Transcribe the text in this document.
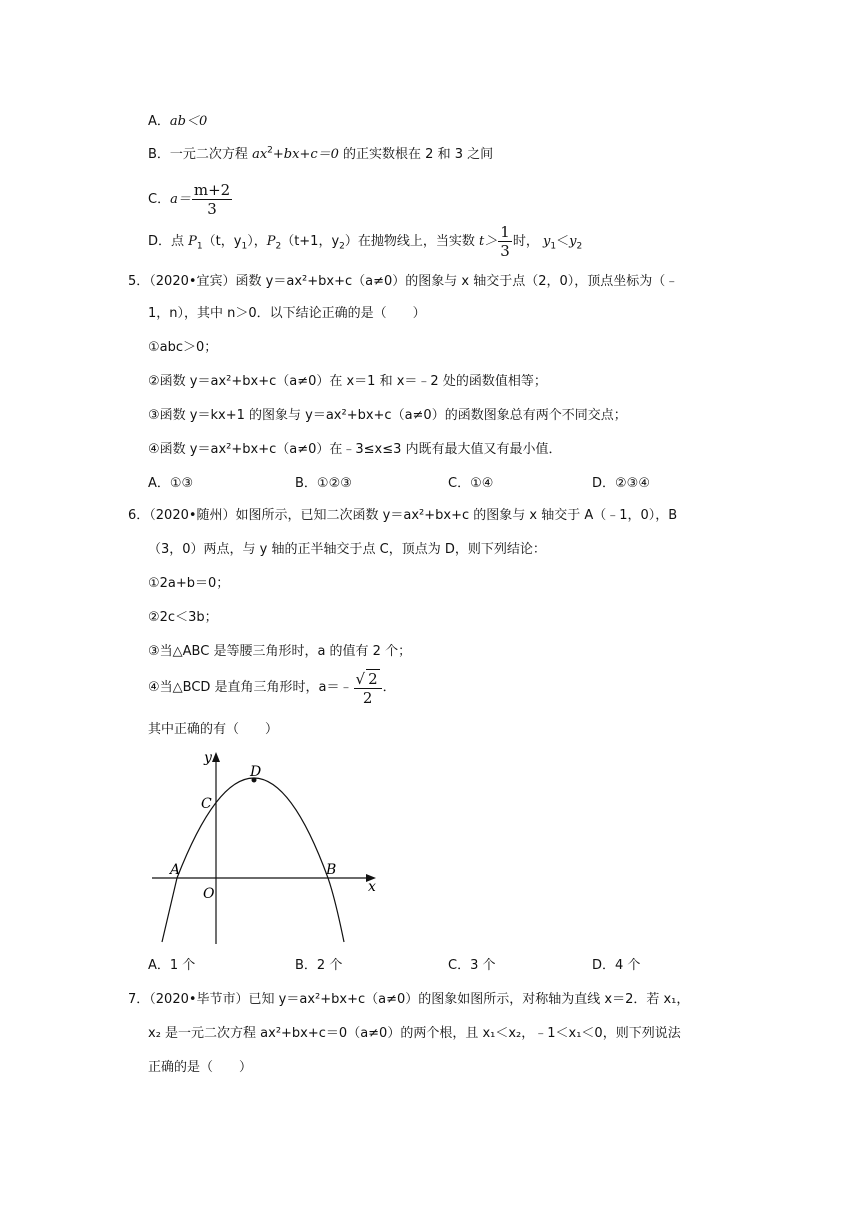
A．ab＜0
B．一元二次方程 $ax^2+bx+c=0$ 的正实数根在 2 和 3 之间
C．$a= \frac{m+2}{3}$
D．点 $P_1(t$，$y_1$），$P_2(t+1$，$y_2$）在抛物线上，当实数 $t> \frac{1}{3}$ 时， $y_1<y_2$
5．（2020•宜宾）函数 y＝ax²+bx+c（a≠0）的图象与 x 轴交于点（2，0），顶点坐标为（﹣
1，n），其中 n＞0．以下结论正确的是（　　）
①abc＞0；
②函数 y＝ax²+bx+c（a≠0）在 x＝1 和 x＝﹣2 处的函数值相等；
③函数 y＝kx+1 的图象与 y＝ax²+bx+c（a≠0）的函数图象总有两个不同交点；
④函数 y＝ax²+bx+c（a≠0）在﹣3≤x≤3 内既有最大值又有最小值．
A．①③	B．①②③	C．①④	D．②③④
6．（2020•随州）如图所示，已知二次函数 y＝ax²+bx+c 的图象与 x 轴交于 A（﹣1，0），B
（3，0）两点，与 y 轴的正半轴交于点 C，顶点为 D，则下列结论：
①2a+b＝0；
②2c＜3b；
③当△ABC 是等腰三角形时，a 的值有 2 个；
④当△BCD 是直角三角形时，a＝﹣ $\frac{√ 2}{2}$ ．
其中正确的有（　　）
y
x
D
C
A
O
B
A．1 个	B．2 个	C．3 个	D．4 个
7．（2020•毕节市）已知 y＝ax²+bx+c（a≠0）的图象如图所示，对称轴为直线 x＝2．若 x₁，
x₂ 是一元二次方程 ax²+bx+c＝0（a≠0）的两个根，且 x₁＜x₂，﹣1＜x₁＜0，则下列说法
正确的是（　　）
